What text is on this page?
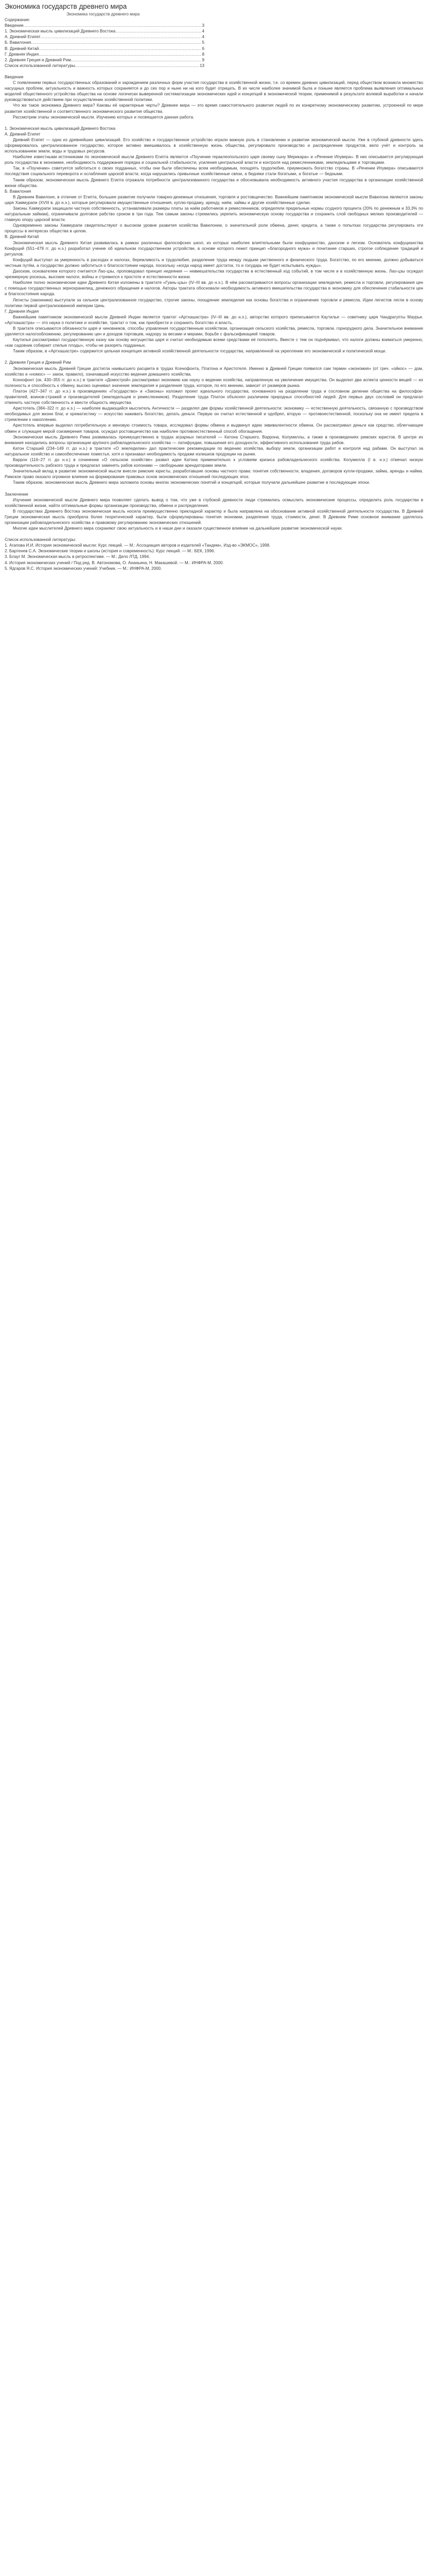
Экономика государств древнего мира
Экономика государств древнего мира
Содержание:
Введение .....	3
1. Экономическая мысль цивилизаций Древнего Востока .....	4
А. Древний Египет .....	4
Б. Вавилония .....	5
В. Древний Китай .....	6
Г. Древняя Индия .....	8
2. Древняя Греция и Древний Рим .....	9
Список использованной литературы .....	13
Введение

С появлением первых государственных образований и зарождением различных форм участия государства в хозяйственной жизни, т.е. со времен древних цивилизаций, перед обществом возникла множество насущных проблем, актуальность и важность которых сохраняется и до сих пор и ныне ни на кого будет отрицать. В их числе наиболее значимой была и поныне является проблема выявления оптимальных моделей общественного устройства общества на основе логически выверенной систематизации экономических идей и концепций в экономической теории, применимой в результате волевой выработки и начали руководствоваться действием при осуществлении хозяйственной политики.

Что же такое экономика Древнего мира? Каковы её характерные черты? Древнее мира — это время самостоятельного развития людей по их конкретному экономическому развитию, устроенной по мере развития хозяйственной и соответственного экономического развития общества.

Рассмотрим этапы экономической мысли. Изучению которых и посвящается данная работа.

1. Экономическая мысль цивилизаций Древнего Востока
А. Древний Египет

Древний Египет — одна из древнейших цивилизаций. Его хозяйство и государственное устройство играли важную роль в становлении и развитии экономической мысли. Уже в глубокой древности здесь сформировалось централизованное государство, которое активно вмешивалось в хозяйственную жизнь общества, регулировало производство и распределение продуктов, вело учёт и контроль за использованием земли, воды и трудовых ресурсов.

Наиболее известными источниками по экономической мысли Древнего Египта являются «Поучение гераклеопольского царя своему сыну Мерикара» и «Речение Ипувера». В них описывается регулирующая роль государства в экономике, необходимость поддержания порядка и социальной стабильности, усиления центральной власти и контроля над ремесленниками, земледельцами и торговцами.

Так, в «Поучении» советуется заботиться о своих подданных, чтобы они были обеспечены всем необходимым, поощрять трудолюбие, приумножать богатство страны. В «Речении Ипувера» описываются последствия социального переворота и ослабления царской власти, когда нарушились привычные хозяйственные связи, а бедняки стали богатыми, а богатые — бедными.

Таким образом, экономическая мысль Древнего Египта отражала потребности централизованного государства и обосновывала необходимость активного участия государства в организации хозяйственной жизни общества.

Б. Вавилония

В Древнем Вавилоне, в отличие от Египта, большее развитие получили товарно-денежные отношения, торговля и ростовщичество. Важнейшим памятником экономической мысли Вавилона являются законы царя Хаммурапи (XVIII в. до н.э.), которые регулировали имущественные отношения, куплю-продажу, аренду, наём, займы и другие хозяйственные сделки.

Законы Хаммурапи защищали частную собственность, устанавливали размеры платы за наём работников и ремесленников, определяли предельные нормы ссудного процента (20% по денежным и 33,3% по натуральным займам), ограничивали долговое рабство сроком в три года. Тем самым законы стремились укрепить экономическую основу государства и сохранить слой свободных мелких производителей — главную опору царской власти.

Одновременно законы Хаммурапи свидетельствуют о высоком уровне развития хозяйства Вавилонии, о значительной роли обмена, денег, кредита, а также о попытках государства регулировать эти процессы в интересах общества в целом.

В. Древний Китай

Экономическая мысль Древнего Китая развивалась в рамках различных философских школ, из которых наиболее влиятельными были конфуцианство, даосизм и легизм. Основатель конфуцианства Конфуций (551–479 гг. до н.э.) разработал учение об идеальном государственном устройстве, в основе которого лежит принцип «благородного мужа» и почитание старших, строгое соблюдение традиций и ритуалов.

Конфуций выступал за умеренность в расходах и налогах, бережливость и трудолюбие, разделение труда между людьми умственного и физического труда. Богатство, по его мнению, должно добываться честным путём, а государство должно заботиться о благосостоянии народа, поскольку «когда народ имеет достаток, то и государь не будет испытывать нужды».

Даосизм, основателем которого считается Лао-цзы, проповедовал принцип недеяния — невмешательства государства в естественный ход событий, в том числе и в хозяйственную жизнь. Лао-цзы осуждал чрезмерную роскошь, высокие налоги, войны и стремился к простоте и естественности жизни.

Наиболее полно экономические идеи Древнего Китая изложены в трактате «Гуань-цзы» (IV–III вв. до н.э.). В нём рассматриваются вопросы организации земледелия, ремесла и торговли, регулирования цен с помощью государственных зернохранилищ, денежного обращения и налогов. Авторы трактата обосновали необходимость активного вмешательства государства в экономику для обеспечения стабильности цен и благосостояния народа.

Легисты (законники) выступали за сильное централизованное государство, строгие законы, поощрение земледелия как основы богатства и ограничение торговли и ремесла. Идеи легистов легли в основу политики первой централизованной империи Цинь.

Г. Древняя Индия

Важнейшим памятником экономической мысли Древней Индии является трактат «Артхашастра» (IV–III вв. до н.э.), авторство которого приписывается Каутилье — советнику царя Чандрагупты Маурьи. «Артхашастра» — это наука о политике и хозяйстве, трактат о том, как приобрести и сохранить богатство и власть.

В трактате описываются обязанности царя и чиновников, способы управления государственным хозяйством, организация сельского хозяйства, ремесла, торговли, горнорудного дела. Значительное внимание уделяется налогообложению, регулированию цен и доходов торговцев, надзору за весами и мерами, борьбе с фальсификацией товаров.

Каутилья рассматривал государственную казну как основу могущества царя и считал необходимым всеми средствами её пополнять. Вместе с тем он подчёркивал, что налоги должны взиматься умеренно, «как садовник собирает спелые плоды», чтобы не разорять подданных.

Таким образом, в «Артхашастре» содержится цельная концепция активной хозяйственной деятельности государства, направленной на укрепление его экономической и политической мощи.

2. Древняя Греция и Древний Рим

Экономическая мысль Древней Греции достигла наивысшего расцвета в трудах Ксенофонта, Платона и Аристотеля. Именно в Древней Греции появился сам термин «экономия» (от греч. «ойкос» — дом, хозяйство и «номос» — закон, правило), означавший искусство ведения домашнего хозяйства.

Ксенофонт (ок. 430–355 гг. до н.э.) в трактате «Домострой» рассматривал экономию как науку о ведении хозяйства, направленную на увеличение имущества. Он выделил два аспекта ценности вещей — их полезность и способность к обмену, высоко оценивал значение земледелия и разделения труда, которое, по его мнению, зависит от размеров рынка.

Платон (427–347 гг. до н.э.) в произведениях «Государство» и «Законы» изложил проект идеального государства, основанного на разделении труда и сословном делении общества на философов-правителей, воинов-стражей и производителей (земледельцев и ремесленников). Разделение труда Платон объяснял различием природных способностей людей. Для первых двух сословий он предлагал отменить частную собственность и ввести общность имущества.

Аристотель (384–322 гг. до н.э.) — наиболее выдающийся мыслитель Античности — разделял две формы хозяйственной деятельности: экономику — естественную деятельность, связанную с производством необходимых для жизни благ, и хрематистику — искусство наживать богатство, делать деньги. Первую он считал естественной и одобрял, вторую — противоестественной, поскольку она не имеет предела в стремлении к накоплению.

Аристотель впервые выделил потребительную и меновую стоимость товара, исследовал формы обмена и выдвинул идею эквивалентности обмена. Он рассматривал деньги как средство, облегчающее обмен и служащее мерой соизмерения товаров, осуждал ростовщичество как наиболее противоестественный способ обогащения.

Экономическая мысль Древнего Рима развивалась преимущественно в трудах аграрных писателей — Катона Старшего, Варрона, Колумеллы, а также в произведениях римских юристов. В центре их внимания находились вопросы организации крупного рабовладельческого хозяйства — латифундии, повышения его доходности, эффективного использования труда рабов.

Катон Старший (234–149 гг. до н.э.) в трактате «О земледелии» дал практические рекомендации по ведению хозяйства, выбору земли, организации работ и контроля над рабами. Он выступал за натуральное хозяйство и самообеспечение поместья, хотя и признавал необходимость продажи излишков продукции на рынке.

Варрон (116–27 гг. до н.э.) в сочинении «О сельском хозяйстве» развил идеи Катона применительно к условиям кризиса рабовладельческого хозяйства. Колумелла (I в. н.э.) отмечал низкую производительность рабского труда и предлагал заменять рабов колонами — свободными арендаторами земли.

Значительный вклад в развитие экономической мысли внесли римские юристы, разработавшие основы частного права: понятия собственности, владения, договоров купли-продажи, займа, аренды и найма. Римское право оказало огромное влияние на формирование правовых основ экономических отношений последующих эпох.

Таким образом, экономическая мысль Древнего мира заложила основы многих экономических понятий и концепций, которые получили дальнейшее развитие в последующие эпохи.

Заключение

Изучение экономической мысли Древнего мира позволяет сделать вывод о том, что уже в глубокой древности люди стремились осмыслить экономические процессы, определить роль государства в хозяйственной жизни, найти оптимальные формы организации производства, обмена и распределения.

В государствах Древнего Востока экономическая мысль носила преимущественно прикладной характер и была направлена на обоснование активной хозяйственной деятельности государства. В Древней Греции экономическая мысль приобрела более теоретический характер, были сформулированы понятия экономии, разделения труда, стоимости, денег. В Древнем Риме основное внимание уделялось организации рабовладельческого хозяйства и правовому регулированию экономических отношений.

Многие идеи мыслителей Древнего мира сохраняют свою актуальность и в наши дни и оказали существенное влияние на дальнейшее развитие экономической науки.

Список использованной литературы:

1. Агапова И.И. История экономической мысли: Курс лекций. — М.: Ассоциация авторов и издателей «Тандем», Изд-во «ЭКМОС», 1998.

2. Бартенев С.А. Экономические теории и школы (история и современность): Курс лекций. — М.: БЕК, 1996.

3. Блауг М. Экономическая мысль в ретроспективе. — М.: Дело ЛТД, 1994.

4. История экономических учений / Под ред. В. Автономова, О. Ананьина, Н. Макашевой. — М.: ИНФРА-М, 2000.

5. Ядгаров Я.С. История экономических учений: Учебник. — М.: ИНФРА-М, 2000.
